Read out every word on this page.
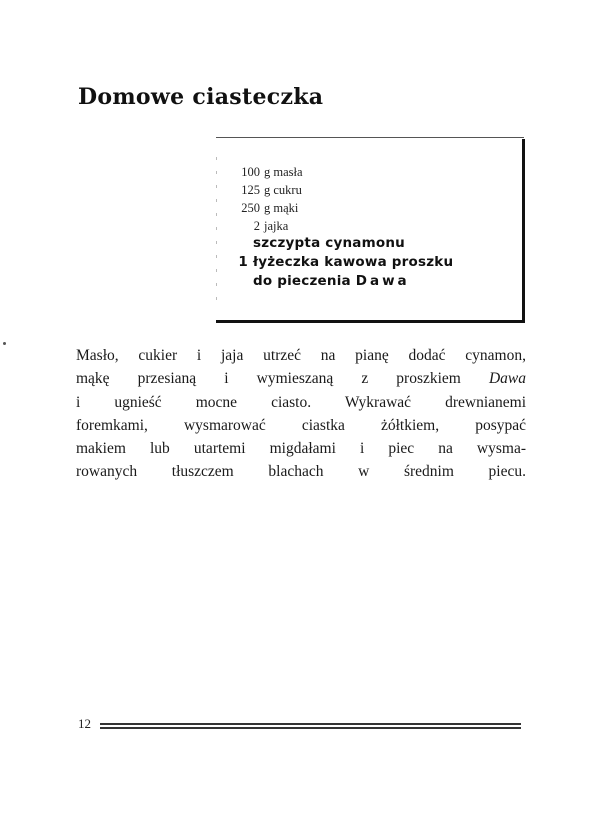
Domowe ciasteczka
100 g masła
125 g cukru
250 g mąki
2 jajka
szczypta cynamonu
1 łyżeczka kawowa proszku
do pieczenia Dawa
Masło, cukier i jaja utrzeć na pianę dodać cynamon,
mąkę przesianą i wymieszaną z proszkiem Dawa
i ugnieść mocne ciasto. Wykrawać drewnianemi
foremkami, wysmarować ciastka żółtkiem, posypać
makiem lub utartemi migdałami i piec na wysma-
rowanych tłuszczem blachach w średnim piecu.
12
